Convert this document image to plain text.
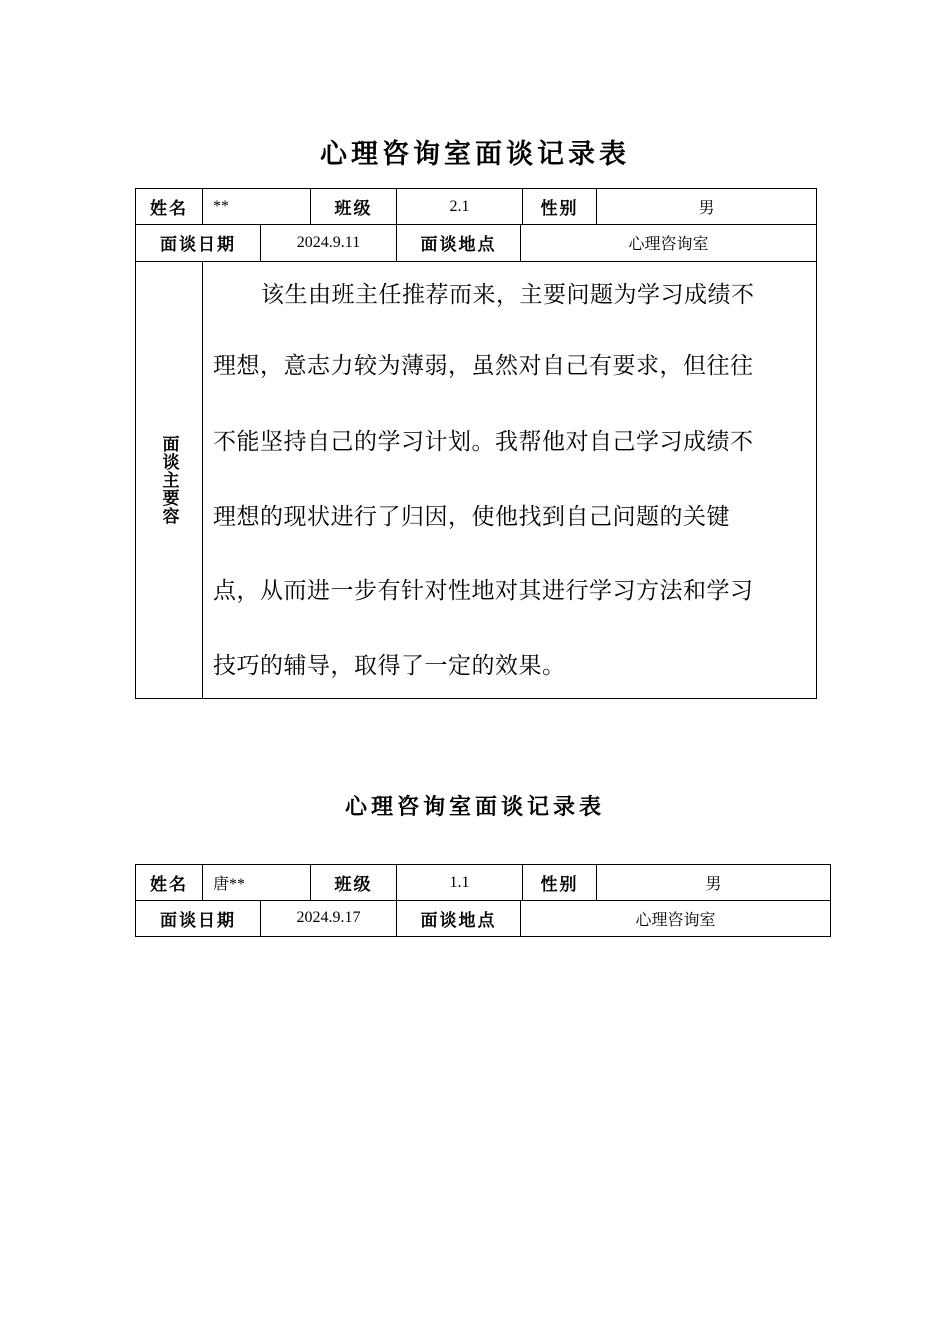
心理咨询室面谈记录表
姓名	**	班级	2.1	性别	男
面谈日期	2024.9.11	面谈地点	心理咨询室
面谈主要容
该生由班主任推荐而来，主要问题为学习成绩不
理想，意志力较为薄弱，虽然对自己有要求，但往往
不能坚持自己的学习计划。我帮他对自己学习成绩不
理想的现状进行了归因，使他找到自己问题的关键
点，从而进一步有针对性地对其进行学习方法和学习
技巧的辅导，取得了一定的效果。
心理咨询室面谈记录表
姓名	唐**	班级	1.1	性别	男
面谈日期	2024.9.17	面谈地点	心理咨询室
